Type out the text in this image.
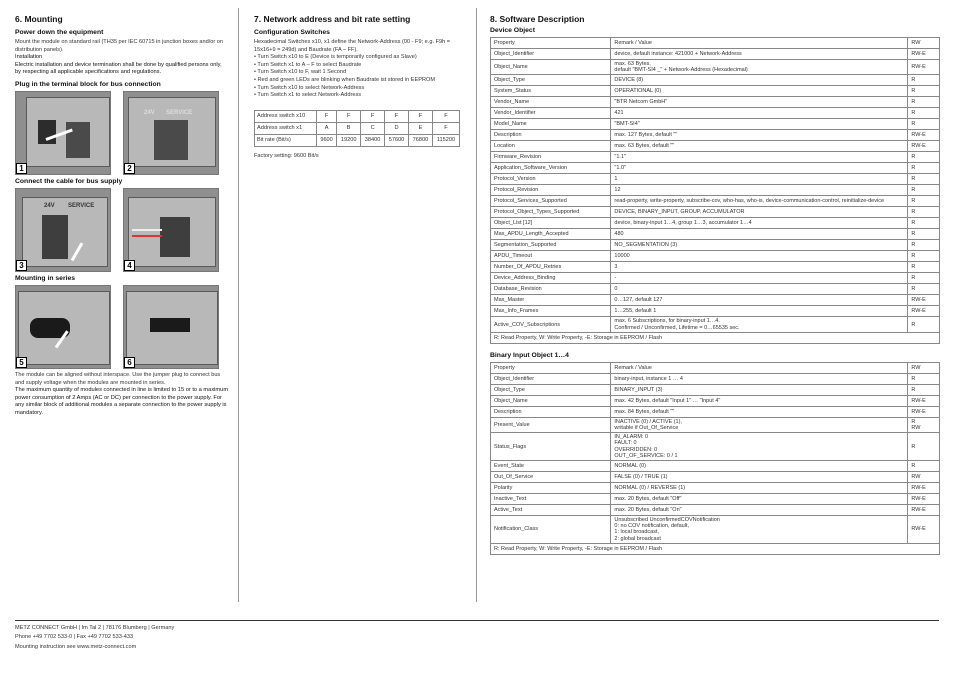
6. Mounting
Power down the equipment

Mount the module on standard rail (TH35 per IEC 60715 in junction boxes and/or on distribution panels).

Installation

Electric installation and device termination shall be done by qualified persons only, by respecting all applicable specifications and regulations.

Plug in the terminal block for bus connection
1
24V SERVICE
2
Connect the cable for bus supply
24V SERVICE
3	4
Mounting in series
5	6

The module can be aligned without interspace. Use the jumper plug to connect bus and supply voltage when the modules are mounted in series.

The maximum quantity of modules connected in line is limited to 15 or to a maximum power consumption of 2 Amps (AC or DC) per connection to the power supply. For any similar block of additional modules a separate connection to the power supply is mandatory.

7. Network address and bit rate setting
Configuration Switches

Hexadecimal Switches x10, x1 define the Network-Address (00 - F9; e.g. F9h = 15x16+9 = 249d) and Baudrate (FA – FF).

• Turn Switch x10 to E (Device is temporarily configured as Slave)

• Turn Switch x1 to A – F to select Baudrate

• Turn Switch x10 to F, wait 1 Second

• Red and green LEDs are blinking when Baudrate ist stored in EEPROM

• Turn Switch x10 to select Network-Address

• Turn Switch x1 to select Network-Address

Address switch x10	F	F	F	F	F	F
Address switch x1	A	B	C	D	E	F
Bit rate (Bit/s)	9600	19200	38400	57600	76800	115200

Factory setting: 9600 Bit/s

8. Software Description
Device Object
Property	Remark / Value	RW
Object_Identifier	device, default instance: 421000 + Network-Address	RW-E
Object_Name	max. 63 Bytes,
default "BMT-SI4 _" + Network-Address (Hexadecimal)	RW-E
Object_Type	DEVICE (8)	R
System_Status	OPERATIONAL (0)	R
Vendor_Name	"BTR Netcom GmbH"	R
Vendor_Identifier	421	R
Model_Name	"BMT-SI4"	R
Description	max. 127 Bytes, default ""	RW-E
Location	max. 63 Bytes, default ""	RW-E
Firmware_Revision	"1.1"	R
Application_Software_Version	"1.0"	R
Protocol_Version	1	R
Protocol_Revision	12	R
Protocol_Services_Supported	read-property, write-property, subscribe-cov, who-has, who-is, device-communication-control, reinitialize-device	R
Protocol_Object_Types_Supported	DEVICE, BINARY_INPUT, GROUP, ACCUMULATOR	R
Object_List [12]	device, binary-input 1…4, group 1…3, accumulator 1…4	R
Max_APDU_Length_Accepted	480	R
Segmentation_Supported	NO_SEGMENTATION (3)	R
APDU_Timeout	10000	R
Number_Of_APDU_Retries	3	R
Device_Address_Binding	-	R
Database_Revision	0	R
Max_Master	0…127, default 127	RW-E
Max_Info_Frames	1…255, default 1	RW-E
Active_COV_Subscriptions	max. 6 Subscriptions, for binary-input 1…4.
Confirmed / Unconfirmed, Lifetime = 0…65535 sec.	R
R: Read Property, W: Write Property, -E: Storage in EEPROM / Flash		
Binary Input Object 1…4
Property	Remark / Value	RW
Object_Identifier	binary-input, instance 1 … 4	R
Object_Type	BINARY_INPUT (3)	R
Object_Name	max. 42 Bytes, default "Input 1" … "Input 4"	RW-E
Description	max. 84 Bytes, default ""	RW-E
Present_Value	INACTIVE (0) / ACTIVE (1),
writable if Out_Of_Service	R
RW
Status_Flags	IN_ALARM: 0
FAULT: 0
OVERRIDDEN: 0
OUT_OF_SERVICE: 0 / 1	R
Event_State	NORMAL (0)	R
Out_Of_Service	FALSE (0) / TRUE (1)	RW
Polarity	NORMAL (0) / REVERSE (1)	RW-E
Inactive_Text	max. 20 Bytes, default "Off"	RW-E
Active_Text	max. 20 Bytes, default "On"	RW-E
Notification_Class	Unsubscribed UnconfirmedCOVNotification
0: no COV notification, default,
1: local broadcast,
2: global broadcast	RW-E
R: Read Property, W: Write Property, -E: Storage in EEPROM / Flash		
METZ CONNECT GmbH | Im Tal 2 | 78176 Blumberg | Germany
Phone +49 7702 533-0 | Fax +49 7702 533-433
Mounting instruction see www.metz-connect.com
